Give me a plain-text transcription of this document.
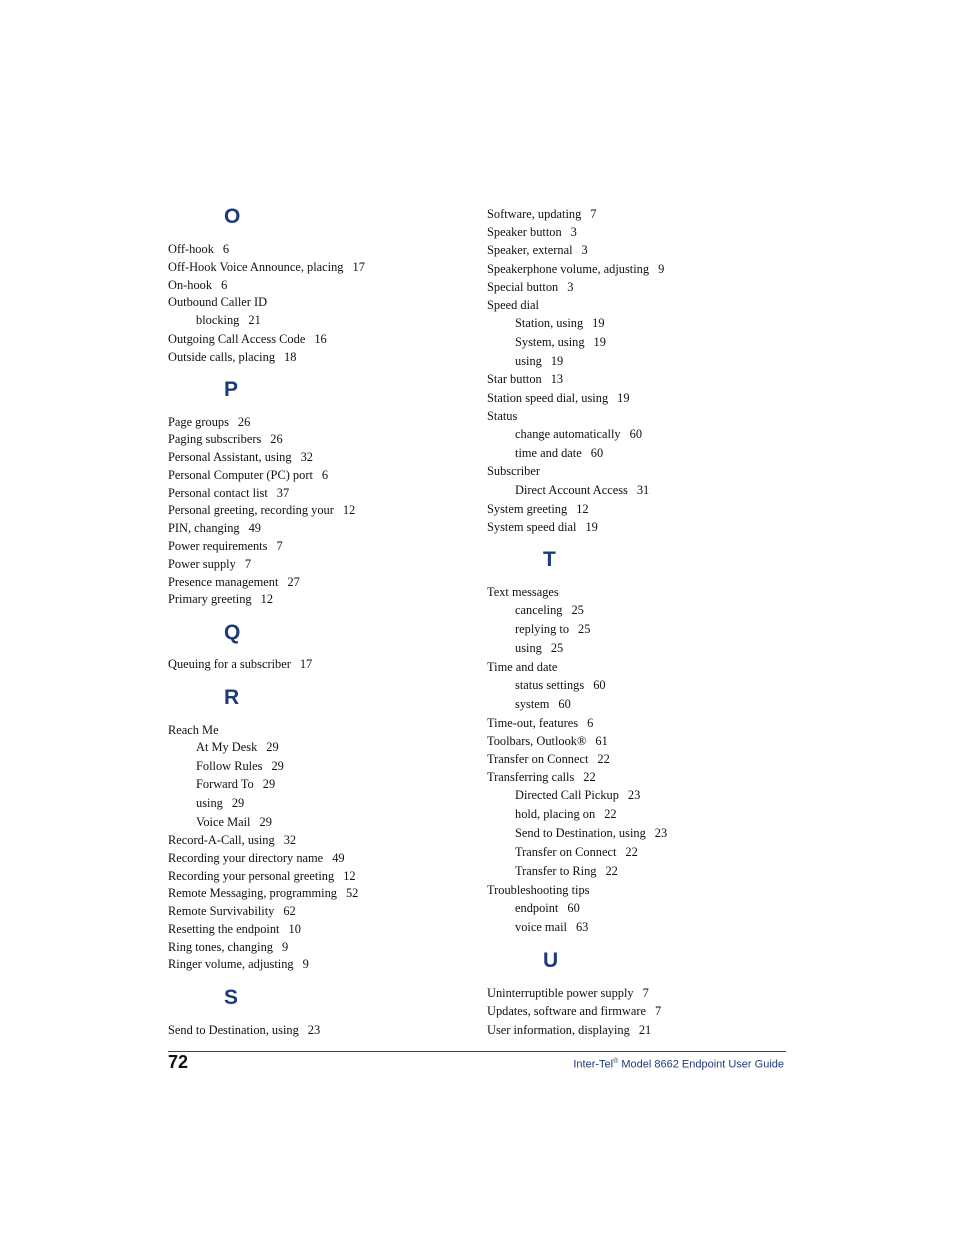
O
Off-hook 6
Off-Hook Voice Announce, placing 17
On-hook 6
Outbound Caller ID
blocking 21
Outgoing Call Access Code 16
Outside calls, placing 18
P
Page groups 26
Paging subscribers 26
Personal Assistant, using 32
Personal Computer (PC) port 6
Personal contact list 37
Personal greeting, recording your 12
PIN, changing 49
Power requirements 7
Power supply 7
Presence management 27
Primary greeting 12
Q
Queuing for a subscriber 17
R
Reach Me
At My Desk 29
Follow Rules 29
Forward To 29
using 29
Voice Mail 29
Record-A-Call, using 32
Recording your directory name 49
Recording your personal greeting 12
Remote Messaging, programming 52
Remote Survivability 62
Resetting the endpoint 10
Ring tones, changing 9
Ringer volume, adjusting 9
S
Send to Destination, using 23
Software, updating 7
Speaker button 3
Speaker, external 3
Speakerphone volume, adjusting 9
Special button 3
Speed dial
Station, using 19
System, using 19
using 19
Star button 13
Station speed dial, using 19
Status
change automatically 60
time and date 60
Subscriber
Direct Account Access 31
System greeting 12
System speed dial 19
T
Text messages
canceling 25
replying to 25
using 25
Time and date
status settings 60
system 60
Time-out, features 6
Toolbars, Outlook® 61
Transfer on Connect 22
Transferring calls 22
Directed Call Pickup 23
hold, placing on 22
Send to Destination, using 23
Transfer on Connect 22
Transfer to Ring 22
Troubleshooting tips
endpoint 60
voice mail 63
U
Uninterruptible power supply 7
Updates, software and firmware 7
User information, displaying 21
72	Inter-Tel® Model 8662 Endpoint User Guide
